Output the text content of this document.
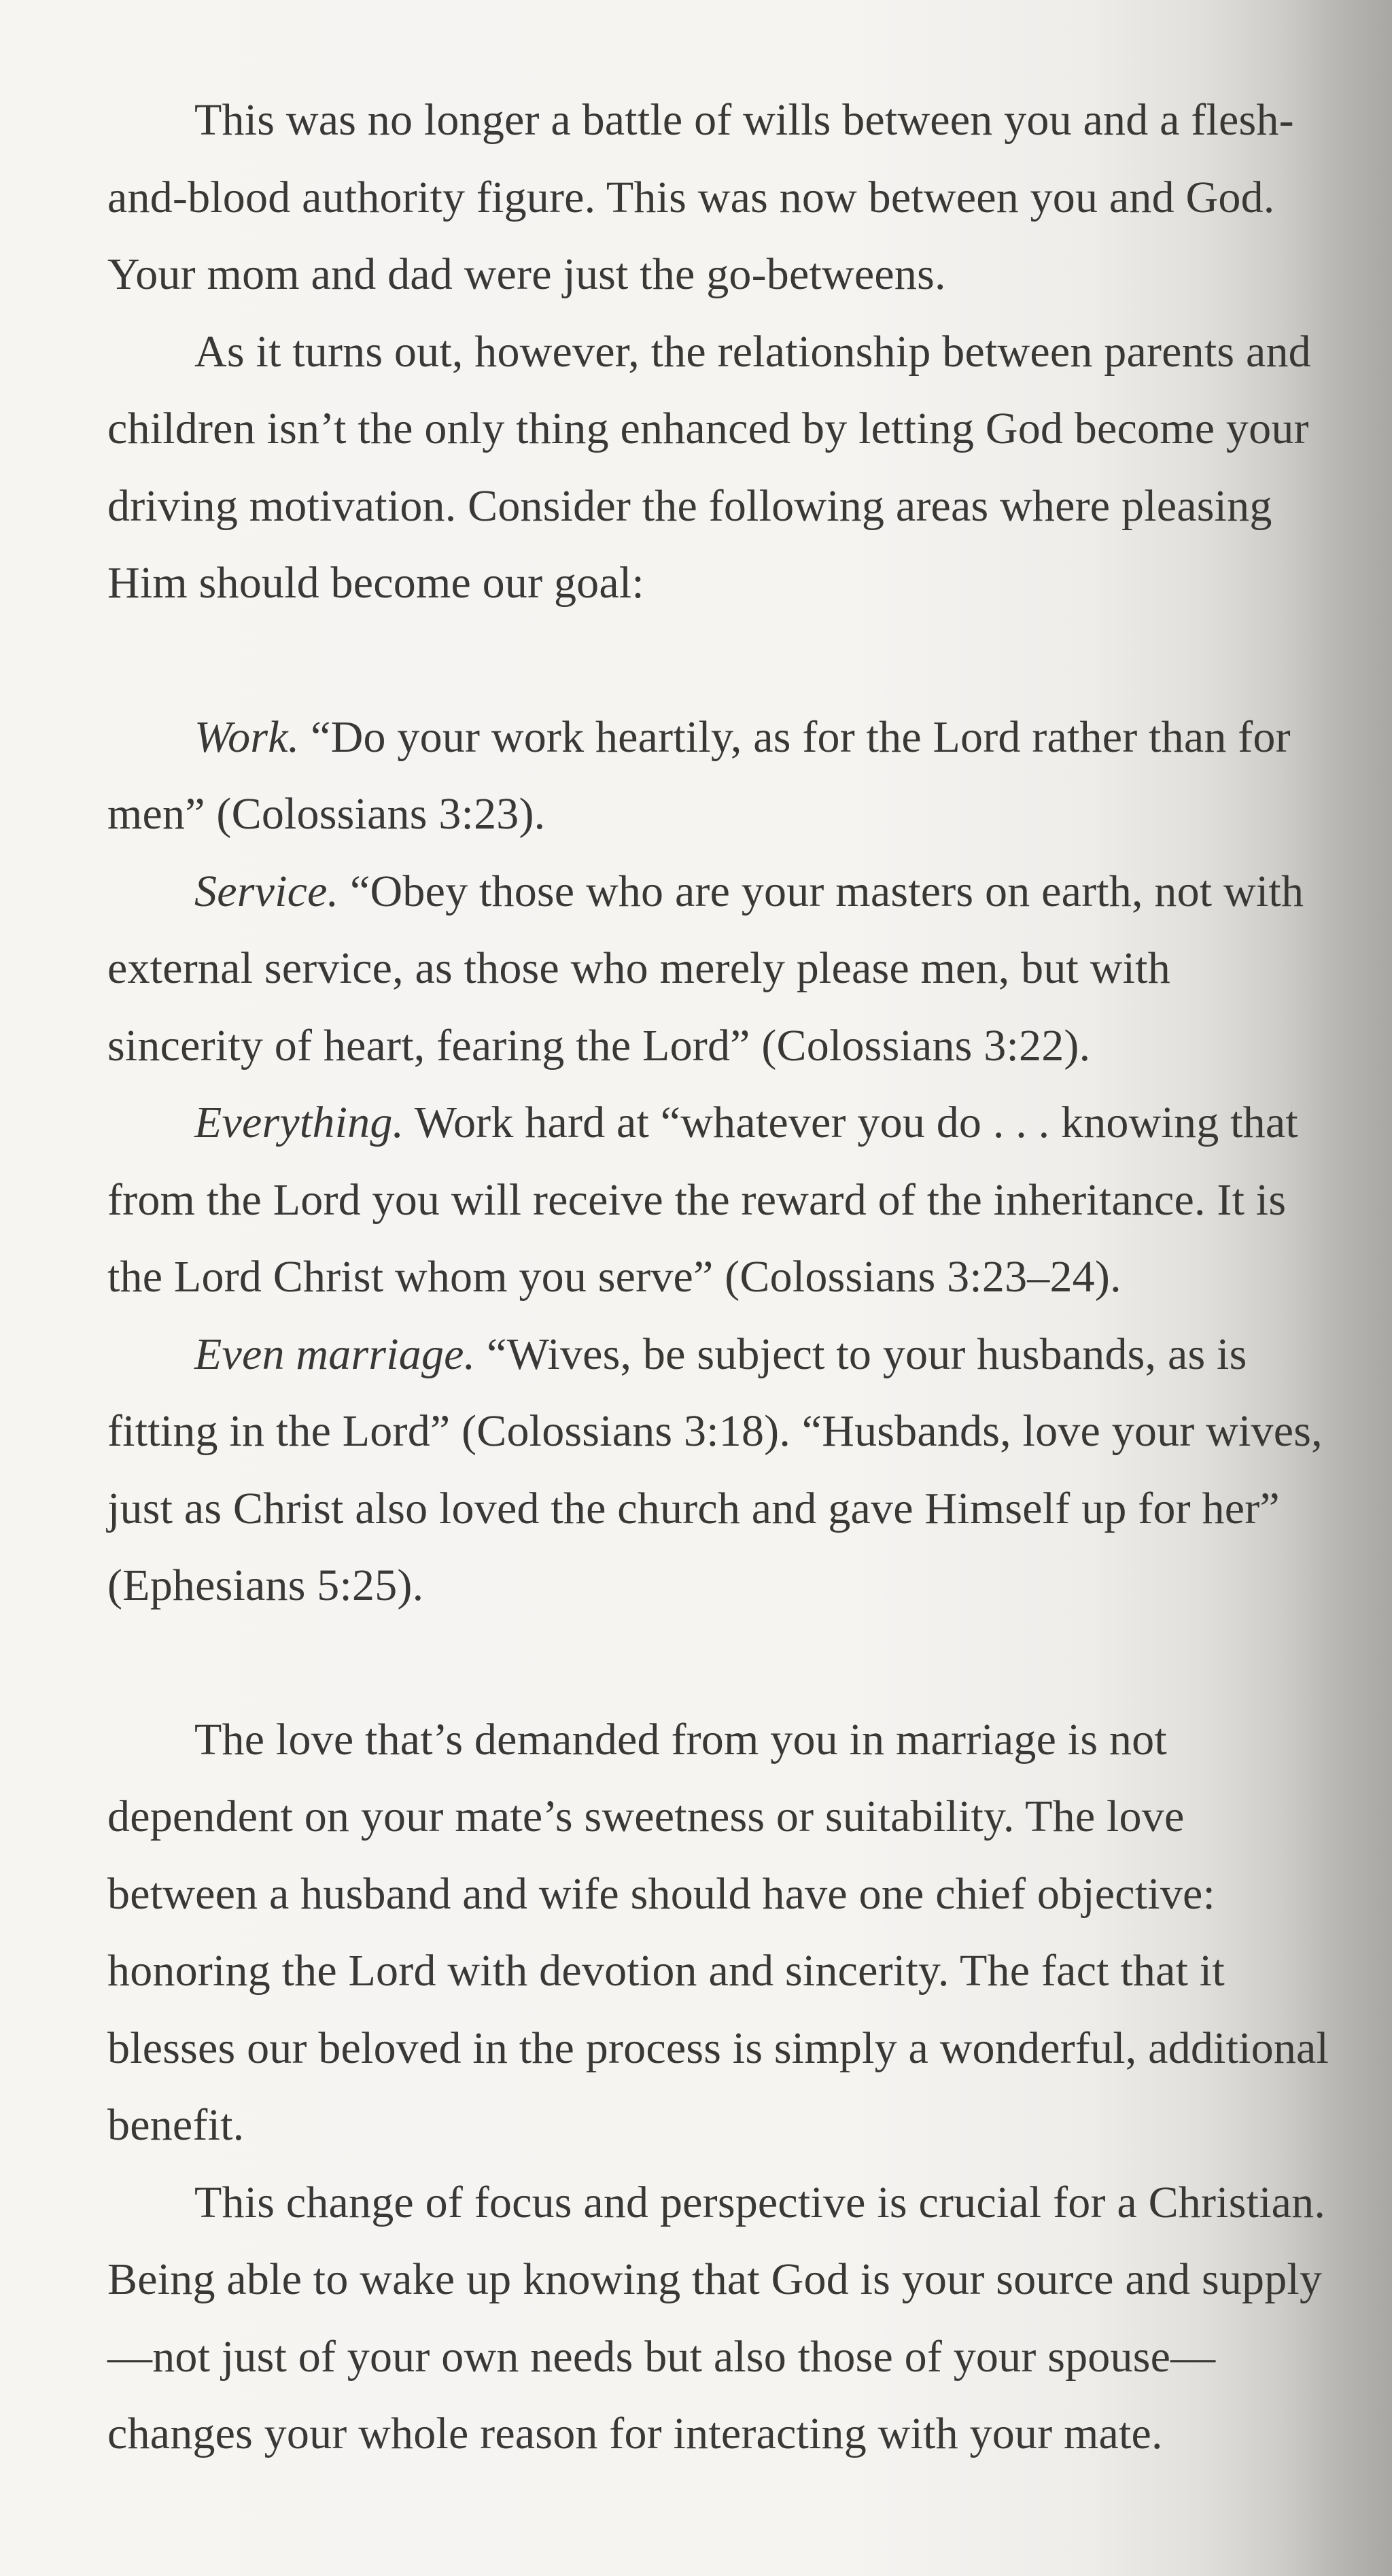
This was no longer a battle of wills between you and a flesh-and-blood authority figure. This was now between you and God. Your mom and dad were just the go-betweens.

As it turns out, however, the relationship between parents and children isn’t the only thing enhanced by letting God become your driving motivation. Consider the following areas where pleasing Him should become our goal:

Work. “Do your work heartily, as for the Lord rather than for men” (Colossians 3:23).

Service. “Obey those who are your masters on earth, not with external service, as those who merely please men, but with sincerity of heart, fearing the Lord” (Colossians 3:22).

Everything. Work hard at “whatever you do . . . knowing that from the Lord you will receive the reward of the inheritance. It is the Lord Christ whom you serve” (Colossians 3:23–24).

Even marriage. “Wives, be subject to your husbands, as is fitting in the Lord” (Colossians 3:18). “Husbands, love your wives, just as Christ also loved the church and gave Himself up for her” (Ephesians 5:25).

The love that’s demanded from you in marriage is not dependent on your mate’s sweetness or suitability. The love between a husband and wife should have one chief objective: honoring the Lord with devotion and sincerity. The fact that it blesses our beloved in the process is simply a wonderful, additional benefit.

This change of focus and perspective is crucial for a Christian. Being able to wake up knowing that God is your source and supply—not just of your own needs but also those of your spouse—changes your whole reason for interacting with your mate.
